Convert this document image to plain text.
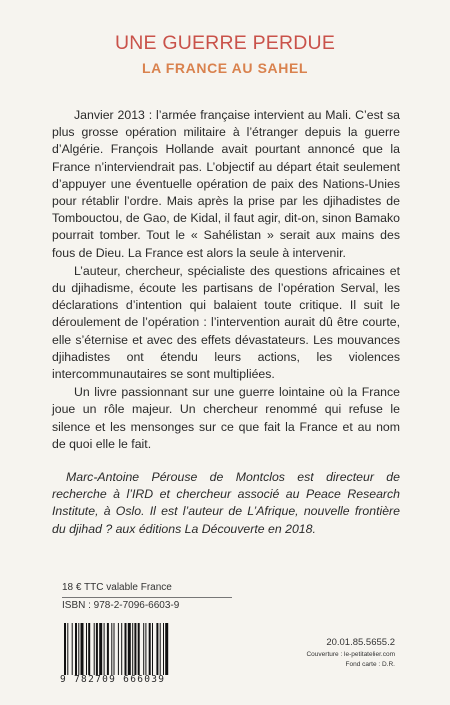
UNE GUERRE PERDUE
LA FRANCE AU SAHEL

Janvier 2013 : l’armée française intervient au Mali. C’est sa plus grosse opération militaire à l’étranger depuis la guerre d’Algérie. François Hollande avait pourtant annoncé que la France n’interviendrait pas. L’objectif au départ était seulement d’appuyer une éventuelle opération de paix des Nations-Unies pour rétablir l’ordre. Mais après la prise par les djihadistes de Tombouctou, de Gao, de Kidal, il faut agir, dit-on, sinon Bamako pourrait tomber. Tout le « Sahélistan » serait aux mains des fous de Dieu. La France est alors la seule à intervenir.

L’auteur, chercheur, spécialiste des questions africaines et du djihadisme, écoute les partisans de l’opération Serval, les déclarations d’intention qui balaient toute critique. Il suit le déroulement de l’opération : l’intervention aurait dû être courte, elle s’éternise et avec des effets dévastateurs. Les mouvances djihadistes ont étendu leurs actions, les violences intercommunautaires se sont multipliées.

Un livre passionnant sur une guerre lointaine où la France joue un rôle majeur. Un chercheur renommé qui refuse le silence et les mensonges sur ce que fait la France et au nom de quoi elle le fait.

Marc-Antoine Pérouse de Montclos est directeur de recherche à l’IRD et chercheur associé au Peace Research Institute, à Oslo. Il est l’auteur de L’Afrique, nouvelle frontière du djihad ? aux éditions La Découverte en 2018.

18 € TTC valable France
ISBN : 978-2-7096-6603-9
9 782709 666039
20.01.85.5655.2
Couverture : le-petitatelier.com
Fond carte : D.R.
